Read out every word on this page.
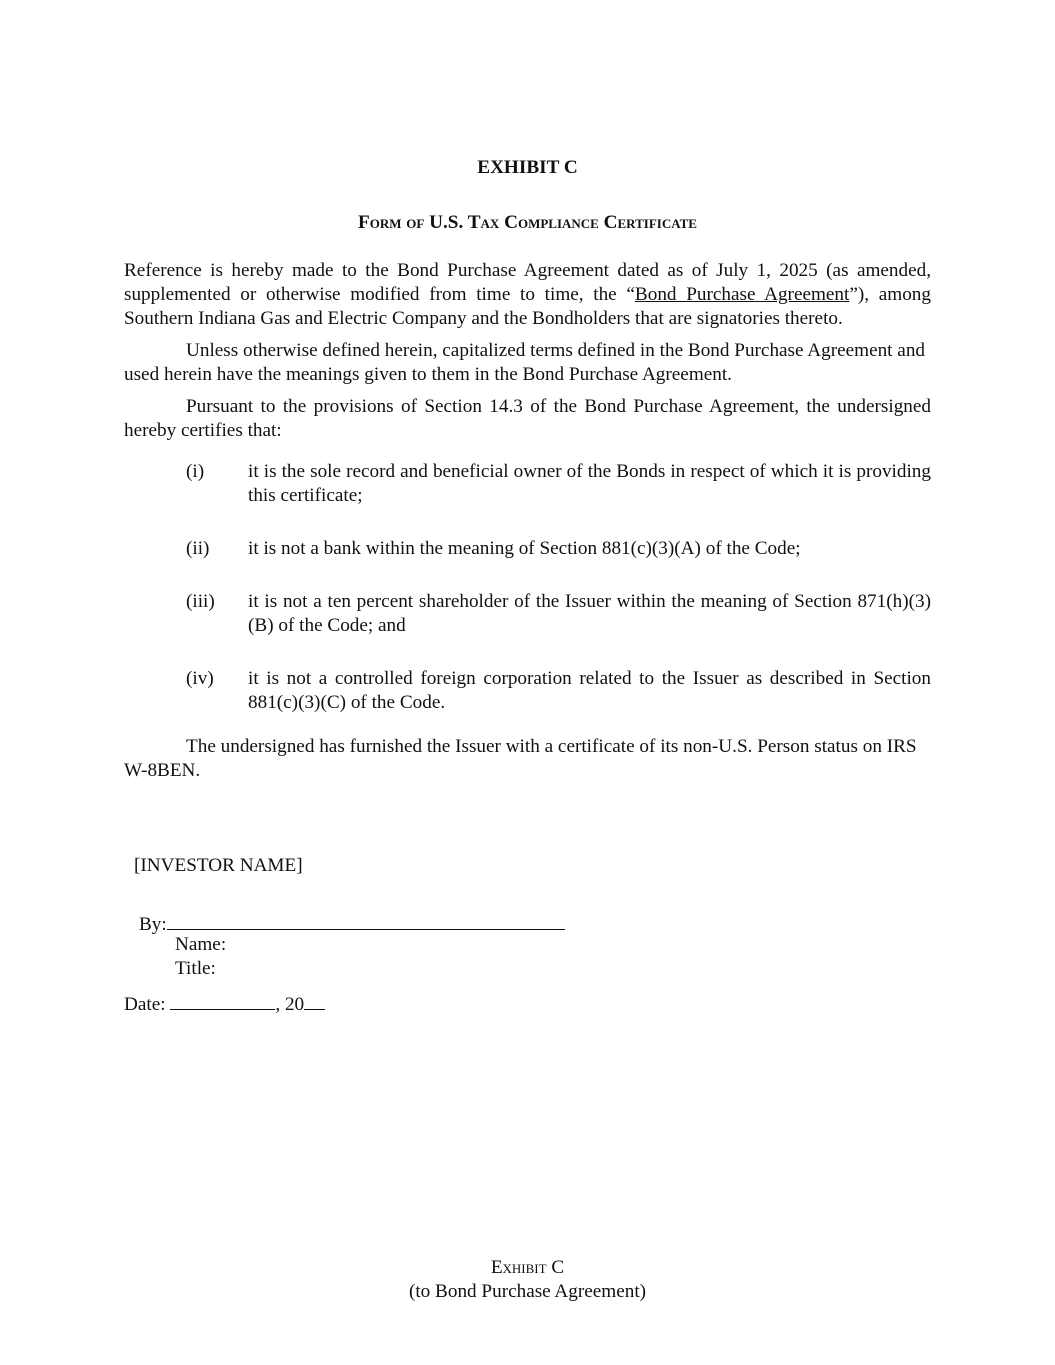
EXHIBIT C
Form of U.S. Tax Compliance Certificate

Reference is hereby made to the Bond Purchase Agreement dated as of July 1, 2025 (as amended, supplemented or otherwise modified from time to time, the “Bond Purchase Agreement”), among Southern Indiana Gas and Electric Company and the Bondholders that are signatories thereto.

Unless otherwise defined herein, capitalized terms defined in the Bond Purchase Agreement and used herein have the meanings given to them in the Bond Purchase Agreement.

Pursuant to the provisions of Section 14.3 of the Bond Purchase Agreement, the undersigned hereby certifies that:

(i) it is the sole record and beneficial owner of the Bonds in respect of which it is providing this certificate;
(ii) it is not a bank within the meaning of Section 881(c)(3)(A) of the Code;
(iii) it is not a ten percent shareholder of the Issuer within the meaning of Section 871(h)(3)(B) of the Code; and
(iv) it is not a controlled foreign corporation related to the Issuer as described in Section 881(c)(3)(C) of the Code.

The undersigned has furnished the Issuer with a certificate of its non-U.S. Person status on IRS W-8BEN.

[INVESTOR NAME]
By:
Name:
Title:
Date:	, 20
Exhibit C
(to Bond Purchase Agreement)
